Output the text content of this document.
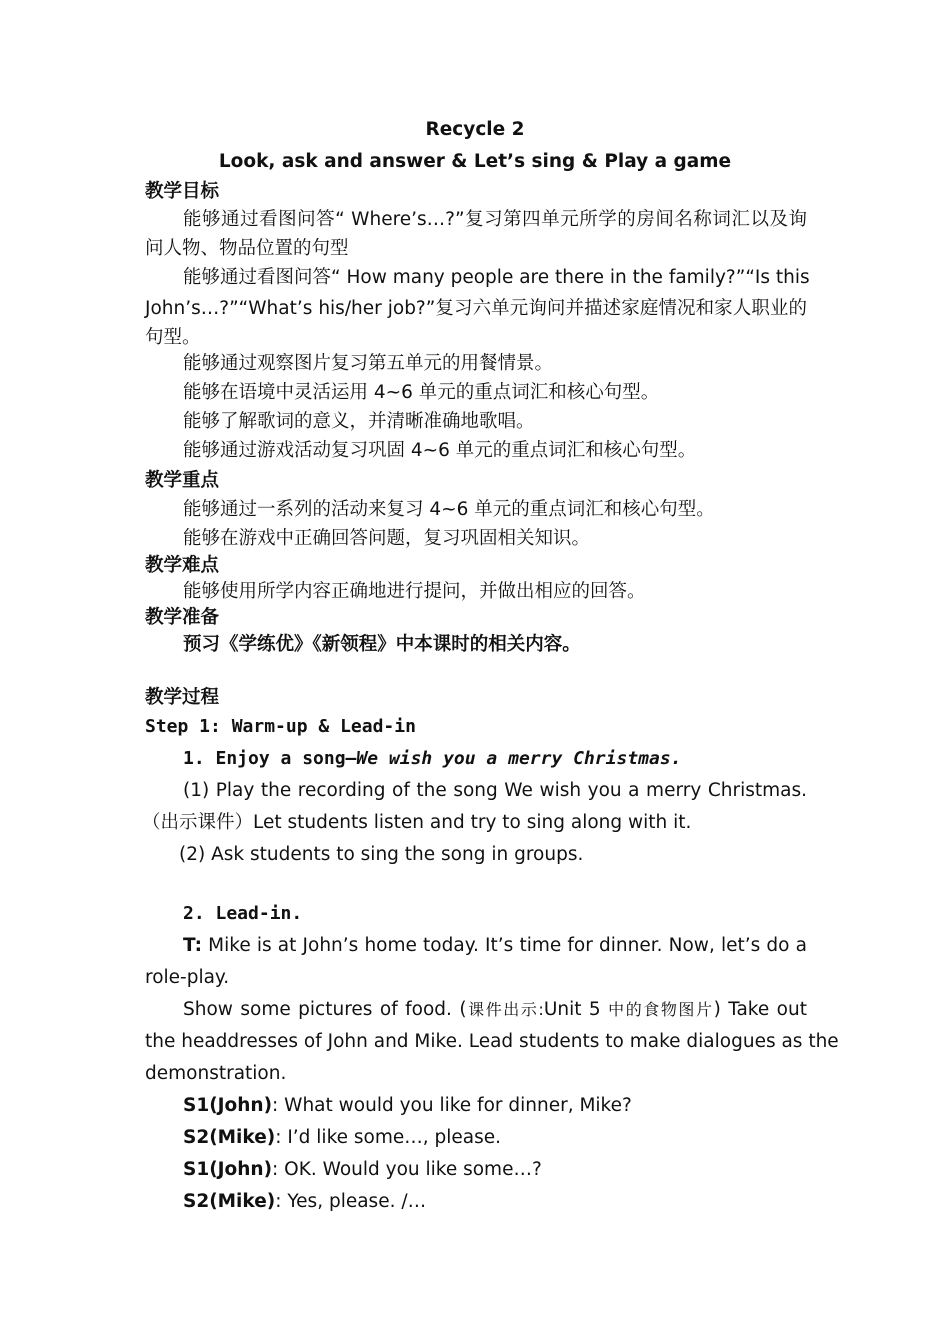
Recycle 2
Look, ask and answer & Let’s sing & Play a game
教学目标
能够通过看图问答“ Where’s…?”复习第四单元所学的房间名称词汇以及询
问人物、物品位置的句型
能够通过看图问答“ How many people are there in the family?”“Is this
John’s…?”“What’s his/her job?”复习六单元询问并描述家庭情况和家人职业的
句型。
能够通过观察图片复习第五单元的用餐情景。
能够在语境中灵活运用 4~6 单元的重点词汇和核心句型。
能够了解歌词的意义，并清晰准确地歌唱。
能够通过游戏活动复习巩固 4~6 单元的重点词汇和核心句型。
教学重点
能够通过一系列的活动来复习 4~6 单元的重点词汇和核心句型。
能够在游戏中正确回答问题，复习巩固相关知识。
教学难点
能够使用所学内容正确地进行提问，并做出相应的回答。
教学准备
预习《学练优》《新领程》中本课时的相关内容。
教学过程
Step 1: Warm-up & Lead-in
1. Enjoy a song—We wish you a merry Christmas.
(1) Play the recording of the song We wish you a merry Christmas.
（出示课件）Let students listen and try to sing along with it.
(2) Ask students to sing the song in groups.
2. Lead-in.
T: Mike is at John’s home today. It’s time for dinner. Now, let’s do a
role-play.
Show some pictures of food. (课件出示:Unit 5 中的食物图片) Take out
the headdresses of John and Mike. Lead students to make dialogues as the
demonstration.
S1(John): What would you like for dinner, Mike?
S2(Mike): I’d like some…, please.
S1(John): OK. Would you like some…?
S2(Mike): Yes, please. /…
